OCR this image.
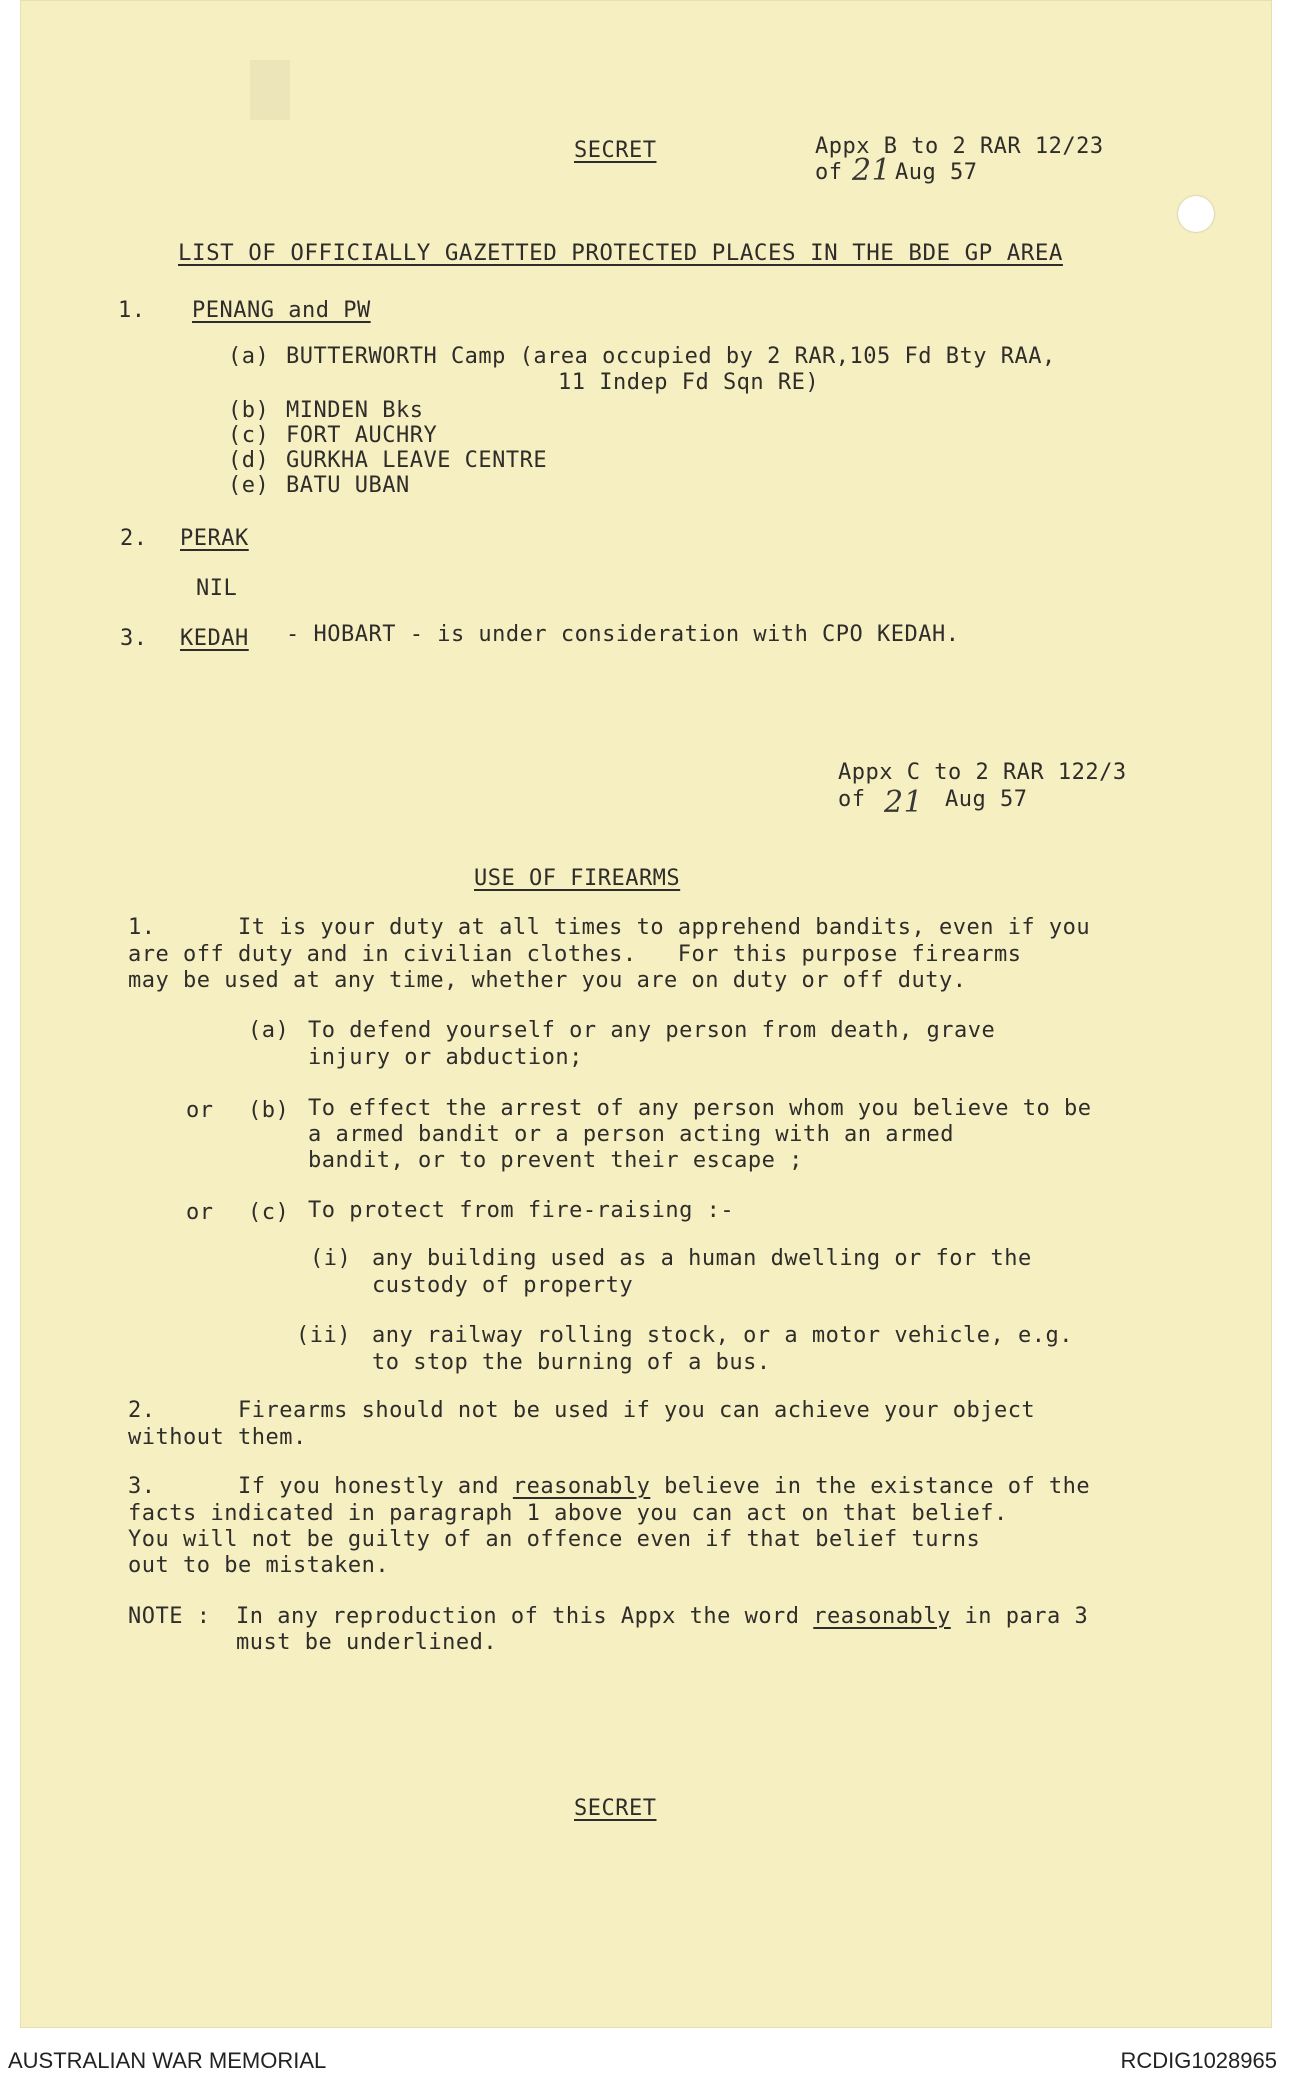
SECRET	Appx B to 2 RAR 12/23
of 21 Aug 57
LIST OF OFFICIALLY GAZETTED PROTECTED PLACES IN THE BDE GP AREA
1. PENANG and PW
(a) BUTTERWORTH Camp (area occupied by 2 RAR,105 Fd Bty RAA,
11 Indep Fd Sqn RE)
(b) MINDEN Bks
(c) FORT AUCHRY
(d) GURKHA LEAVE CENTRE
(e) BATU UBAN
2. PERAK
NIL
3. KEDAH - HOBART - is under consideration with CPO KEDAH.
Appx C to 2 RAR 122/3
of 21 Aug 57
USE OF FIREARMS
1.      It is your duty at all times to apprehend bandits, even if you
are off duty and in civilian clothes.   For this purpose firearms
may be used at any time, whether you are on duty or off duty.
(a) To defend yourself or any person from death, grave
injury or abduction;
or (b) To effect the arrest of any person whom you believe to be
a armed bandit or a person acting with an armed
bandit, or to prevent their escape ;
or (c) To protect from fire-raising :-
(i) any building used as a human dwelling or for the
custody of property
(ii) any railway rolling stock, or a motor vehicle, e.g.
to stop the burning of a bus.
2.      Firearms should not be used if you can achieve your object
without them.
3.      If you honestly and reasonably believe in the existance of the
facts indicated in paragraph 1 above you can act on that belief.
You will not be guilty of an offence even if that belief turns
out to be mistaken.
NOTE : In any reproduction of this Appx the word reasonably in para 3
must be underlined.
SECRET
AUSTRALIAN WAR MEMORIAL	RCDIG1028965
